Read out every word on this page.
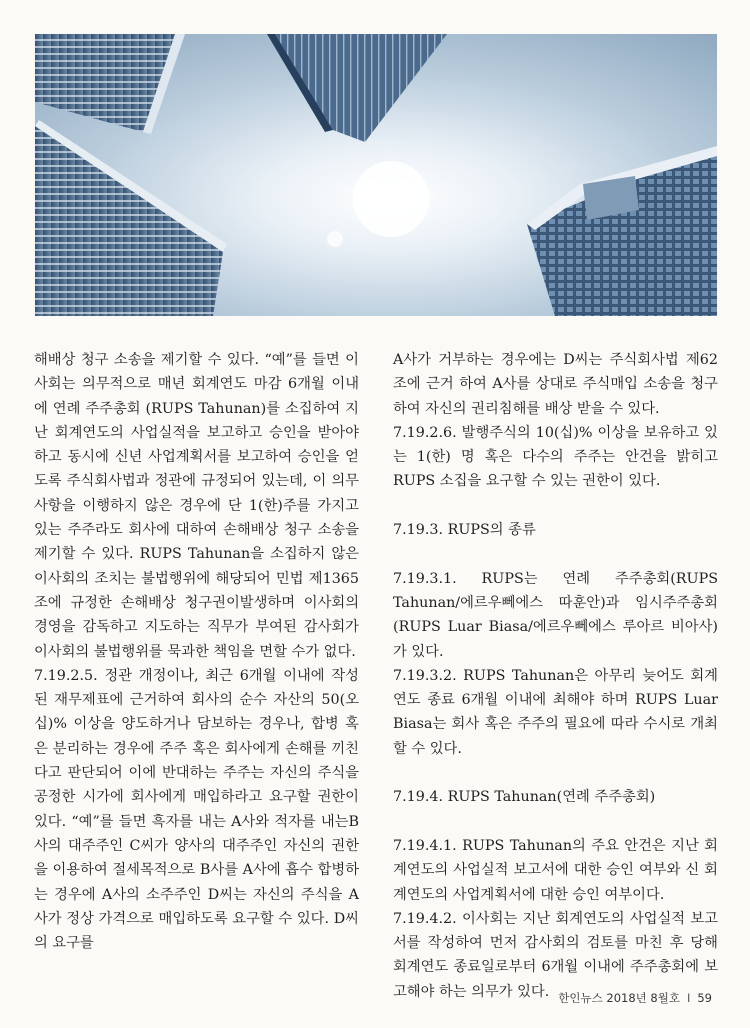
해배상 청구 소송을 제기할 수 있다. “예”를 들면 이사회는 의무적으로 매년 회계연도 마감 6개월 이내에 연례 주주총회 (RUPS Tahunan)를 소집하여 지난 회계연도의 사업실적을 보고하고 승인을 받아야 하고 동시에 신년 사업계획서를 보고하여 승인을 얻도록 주식회사법과 정관에 규정되어 있는데, 이 의무사항을 이행하지 않은 경우에 단 1(한)주를 가지고 있는 주주라도 회사에 대하여 손해배상 청구 소송을 제기할 수 있다. RUPS Tahunan을 소집하지 않은 이사회의 조치는 불법행위에 해당되어 민법 제1365조에 규정한 손해배상 청구권이발생하며 이사회의 경영을 감독하고 지도하는 직무가 부여된 감사회가 이사회의 불법행위를 묵과한 책임을 면할 수가 없다.

7.19.2.5. 정관 개정이나, 최근 6개월 이내에 작성된 재무제표에 근거하여 회사의 순수 자산의 50(오십)% 이상을 양도하거나 담보하는 경우나, 합병 혹은 분리하는 경우에 주주 혹은 회사에게 손해를 끼친다고 판단되어 이에 반대하는 주주는 자신의 주식을 공정한 시가에 회사에게 매입하라고 요구할 권한이 있다. “예”를 들면 흑자를 내는 A사와 적자를 내는B사의 대주주인 C씨가 양사의 대주주인 자신의 권한을 이용하여 절세목적으로 B사를 A사에 흡수 합병하는 경우에 A사의 소주주인 D씨는 자신의 주식을 A사가 정상 가격으로 매입하도록 요구할 수 있다. D씨 의 요구를

A사가 거부하는 경우에는 D씨는 주식회사법 제62조에 근거 하여 A사를 상대로 주식매입 소송을 청구하여 자신의 권리침해를 배상 받을 수 있다.

7.19.2.6. 발행주식의 10(십)% 이상을 보유하고 있는 1(한) 명 혹은 다수의 주주는 안건을 밝히고 RUPS 소집을 요구할 수 있는 권한이 있다.

7.19.3. RUPS의 종류

7.19.3.1. RUPS는 연례 주주총회(RUPS Tahunan/에르우뻬에스 따훈안)과 임시주주총회(RUPS Luar Biasa/에르우뻬에스 루아르 비아사)가 있다.

7.19.3.2. RUPS Tahunan은 아무리 늦어도 회계연도 종료 6개월 이내에 최해야 하며 RUPS Luar Biasa는 회사 혹은 주주의 필요에 따라 수시로 개최할 수 있다.

7.19.4. RUPS Tahunan(연례 주주총회)

7.19.4.1. RUPS Tahunan의 주요 안건은 지난 회계연도의 사업실적 보고서에 대한 승인 여부와 신 회계연도의 사업계획서에 대한 승인 여부이다.

7.19.4.2. 이사회는 지난 회계연도의 사업실적 보고서를 작성하여 먼저 감사회의 검토를 마친 후 당해 회계연도 종료일로부터 6개월 이내에 주주총회에 보고해야 하는 의무가 있다. 한인뉴스 2018년 8월호 I 59
